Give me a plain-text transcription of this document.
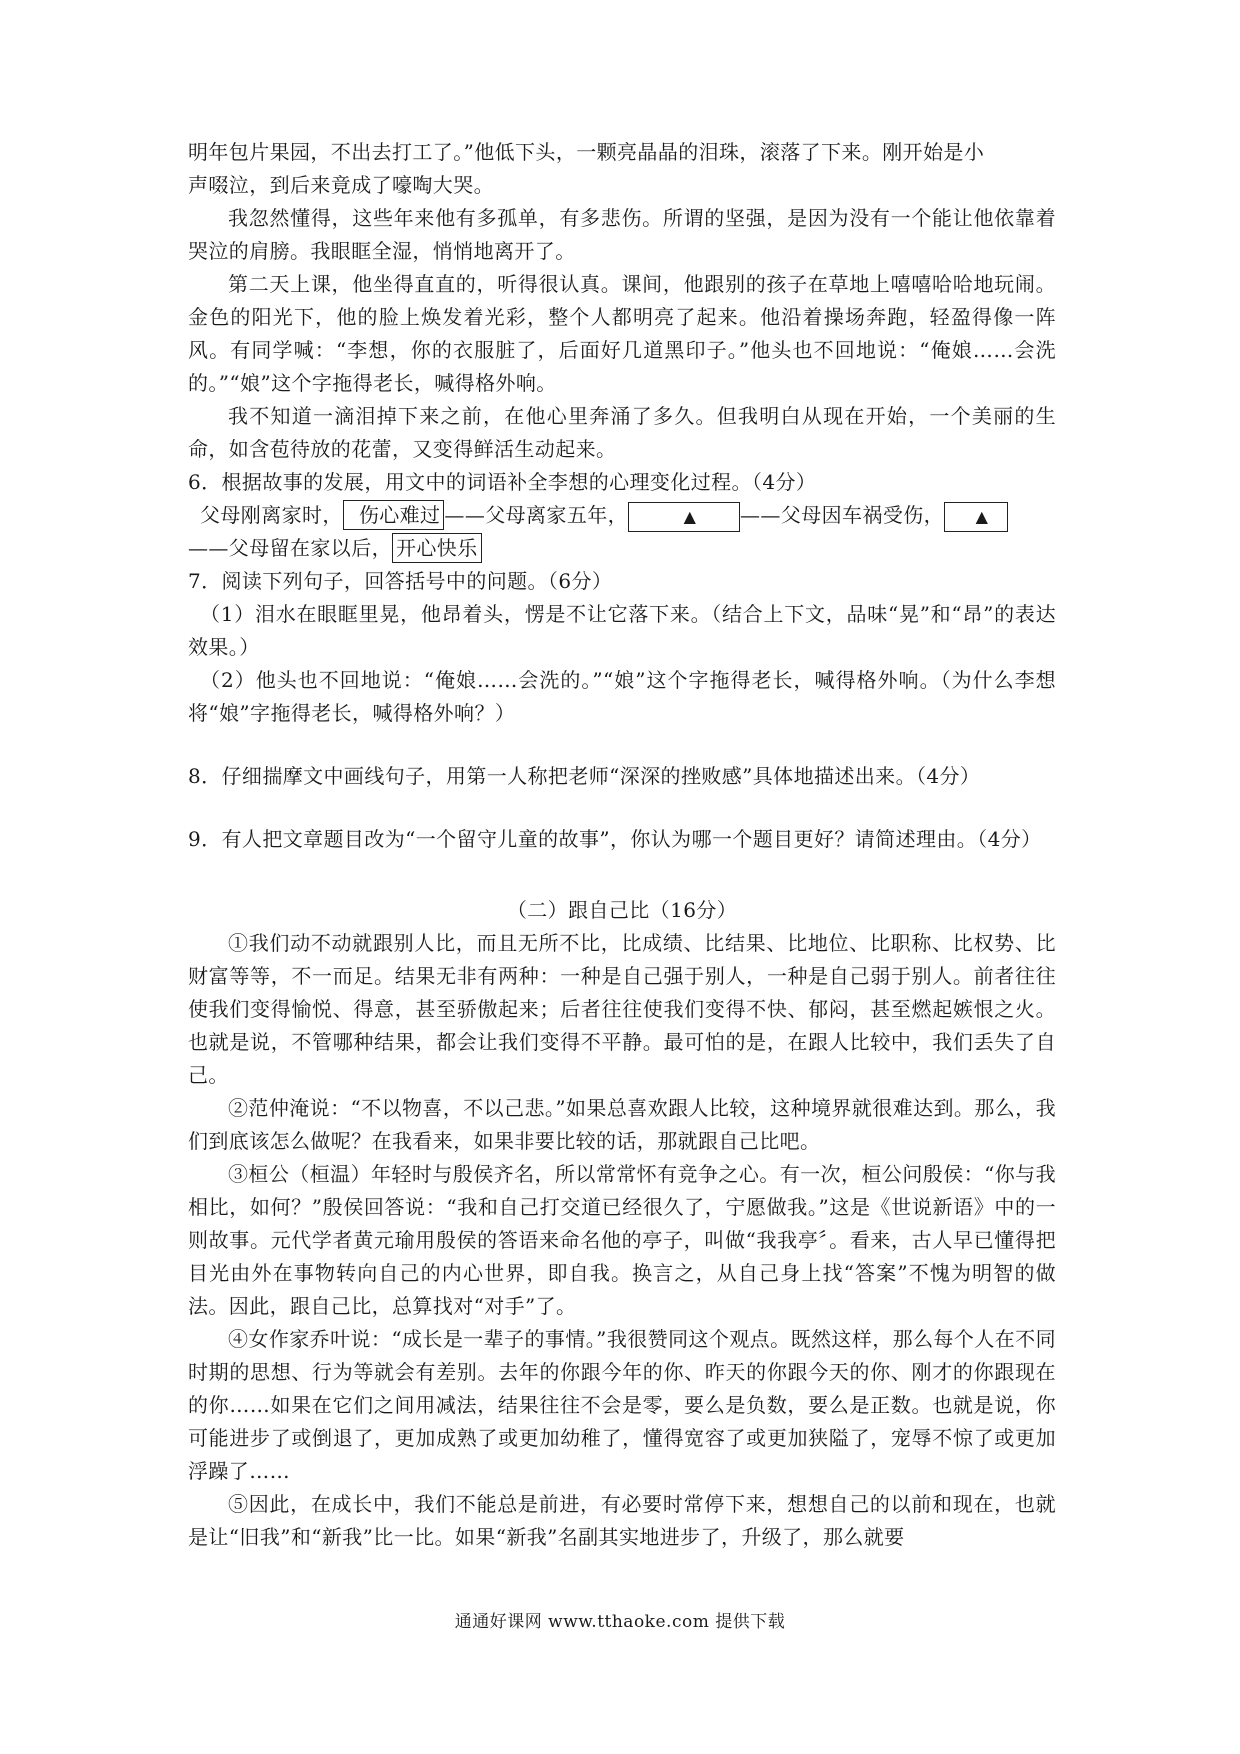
明年包片果园，不出去打工了。”他低下头，一颗亮晶晶的泪珠，滚落了下来。刚开始是小
声啜泣，到后来竟成了嚎啕大哭。

我忽然懂得，这些年来他有多孤单，有多悲伤。所谓的坚强，是因为没有一个能让他依靠着哭泣的肩膀。我眼眶全湿，悄悄地离开了。

第二天上课，他坐得直直的，听得很认真。课间，他跟别的孩子在草地上嘻嘻哈哈地玩闹。金色的阳光下，他的脸上焕发着光彩，整个人都明亮了起来。他沿着操场奔跑，轻盈得像一阵风。有同学喊：“李想，你的衣服脏了，后面好几道黑印子。”他头也不回地说：“俺娘……会洗的。”“娘”这个字拖得老长，喊得格外响。

我不知道一滴泪掉下来之前，在他心里奔涌了多久。但我明白从现在开始，一个美丽的生命，如含苞待放的花蕾，又变得鲜活生动起来。

6．根据故事的发展，用文中的词语补全李想的心理变化过程。（4分）

父母刚离家时， 伤心难过 ——父母离家五年，	▲ ——父母因车祸受伤， ▲

——父母留在家以后， 开心快乐

7．阅读下列句子，回答括号中的问题。（6分）

（1）泪水在眼眶里晃，他昂着头，愣是不让它落下来。（结合上下文，品味“晃”和“昂”的表达效果。）

（2）他头也不回地说：“俺娘……会洗的。”“娘”这个字拖得老长，喊得格外响。（为什么李想将“娘”字拖得老长，喊得格外响？）

8．仔细揣摩文中画线句子，用第一人称把老师“深深的挫败感”具体地描述出来。（4分）

9．有人把文章题目改为“一个留守儿童的故事”，你认为哪一个题目更好？请简述理由。（4分）

（二）跟自己比（16分）

①我们动不动就跟别人比，而且无所不比，比成绩、比结果、比地位、比职称、比权势、比财富等等，不一而足。结果无非有两种：一种是自己强于别人，一种是自己弱于别人。前者往往使我们变得愉悦、得意，甚至骄傲起来；后者往往使我们变得不快、郁闷，甚至燃起嫉恨之火。也就是说，不管哪种结果，都会让我们变得不平静。最可怕的是，在跟人比较中，我们丢失了自己。

②范仲淹说：“不以物喜，不以己悲。”如果总喜欢跟人比较，这种境界就很难达到。那么，我们到底该怎么做呢？在我看来，如果非要比较的话，那就跟自己比吧。

③桓公（桓温）年轻时与殷侯齐名，所以常常怀有竞争之心。有一次，桓公问殷侯：“你与我相比，如何？”殷侯回答说：“我和自己打交道已经很久了，宁愿做我。”这是《世说新语》中的一则故事。元代学者黄元瑜用殷侯的答语来命名他的亭子，叫做“我我亭〞。看来，古人早已懂得把目光由外在事物转向自己的内心世界，即自我。换言之，从自己身上找“答案”不愧为明智的做法。因此，跟自己比，总算找对“对手”了。

④女作家乔叶说：“成长是一辈子的事情。”我很赞同这个观点。既然这样，那么每个人在不同时期的思想、行为等就会有差别。去年的你跟今年的你、昨天的你跟今天的你、刚才的你跟现在的你……如果在它们之间用减法，结果往往不会是零，要么是负数，要么是正数。也就是说，你可能进步了或倒退了，更加成熟了或更加幼稚了，懂得宽容了或更加狭隘了，宠辱不惊了或更加浮躁了……

⑤因此，在成长中，我们不能总是前进，有必要时常停下来，想想自己的以前和现在，也就是让“旧我”和“新我”比一比。如果“新我”名副其实地进步了，升级了，那么就要

通通好课网 www.tthaoke.com 提供下载
